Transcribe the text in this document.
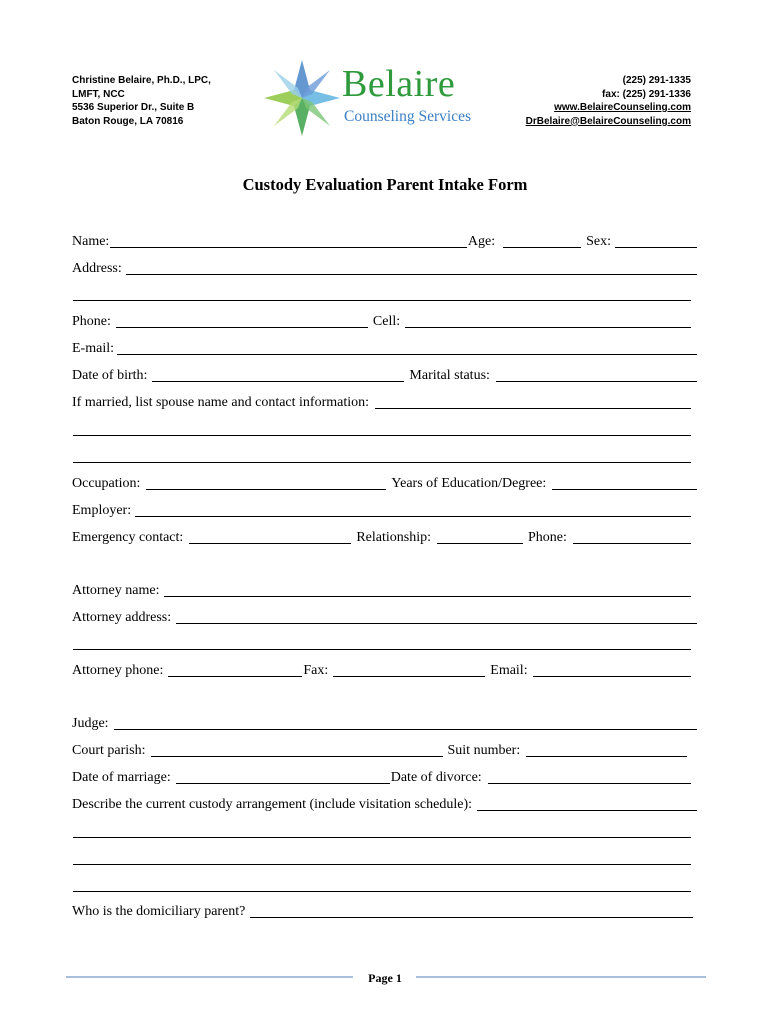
Christine Belaire, Ph.D., LPC,
LMFT, NCC
5536 Superior Dr., Suite B
Baton Rouge, LA 70816
Belaire
Counseling Services
(225) 291-1335
fax: (225) 291-1336
www.BelaireCounseling.com
DrBelaire@BelaireCounseling.com
Custody Evaluation Parent Intake Form
Name:	Age:	Sex:
Address:
Phone:	Cell:
E-mail:
Date of birth:	Marital status:
If married, list spouse name and contact information:
Occupation:	Years of Education/Degree:
Employer:
Emergency contact:	Relationship:	Phone:
Attorney name:
Attorney address:
Attorney phone:	Fax:	Email:
Judge:
Court parish:	Suit number:
Date of marriage:	Date of divorce:
Describe the current custody arrangement (include visitation schedule):
Who is the domiciliary parent?
Page 1
